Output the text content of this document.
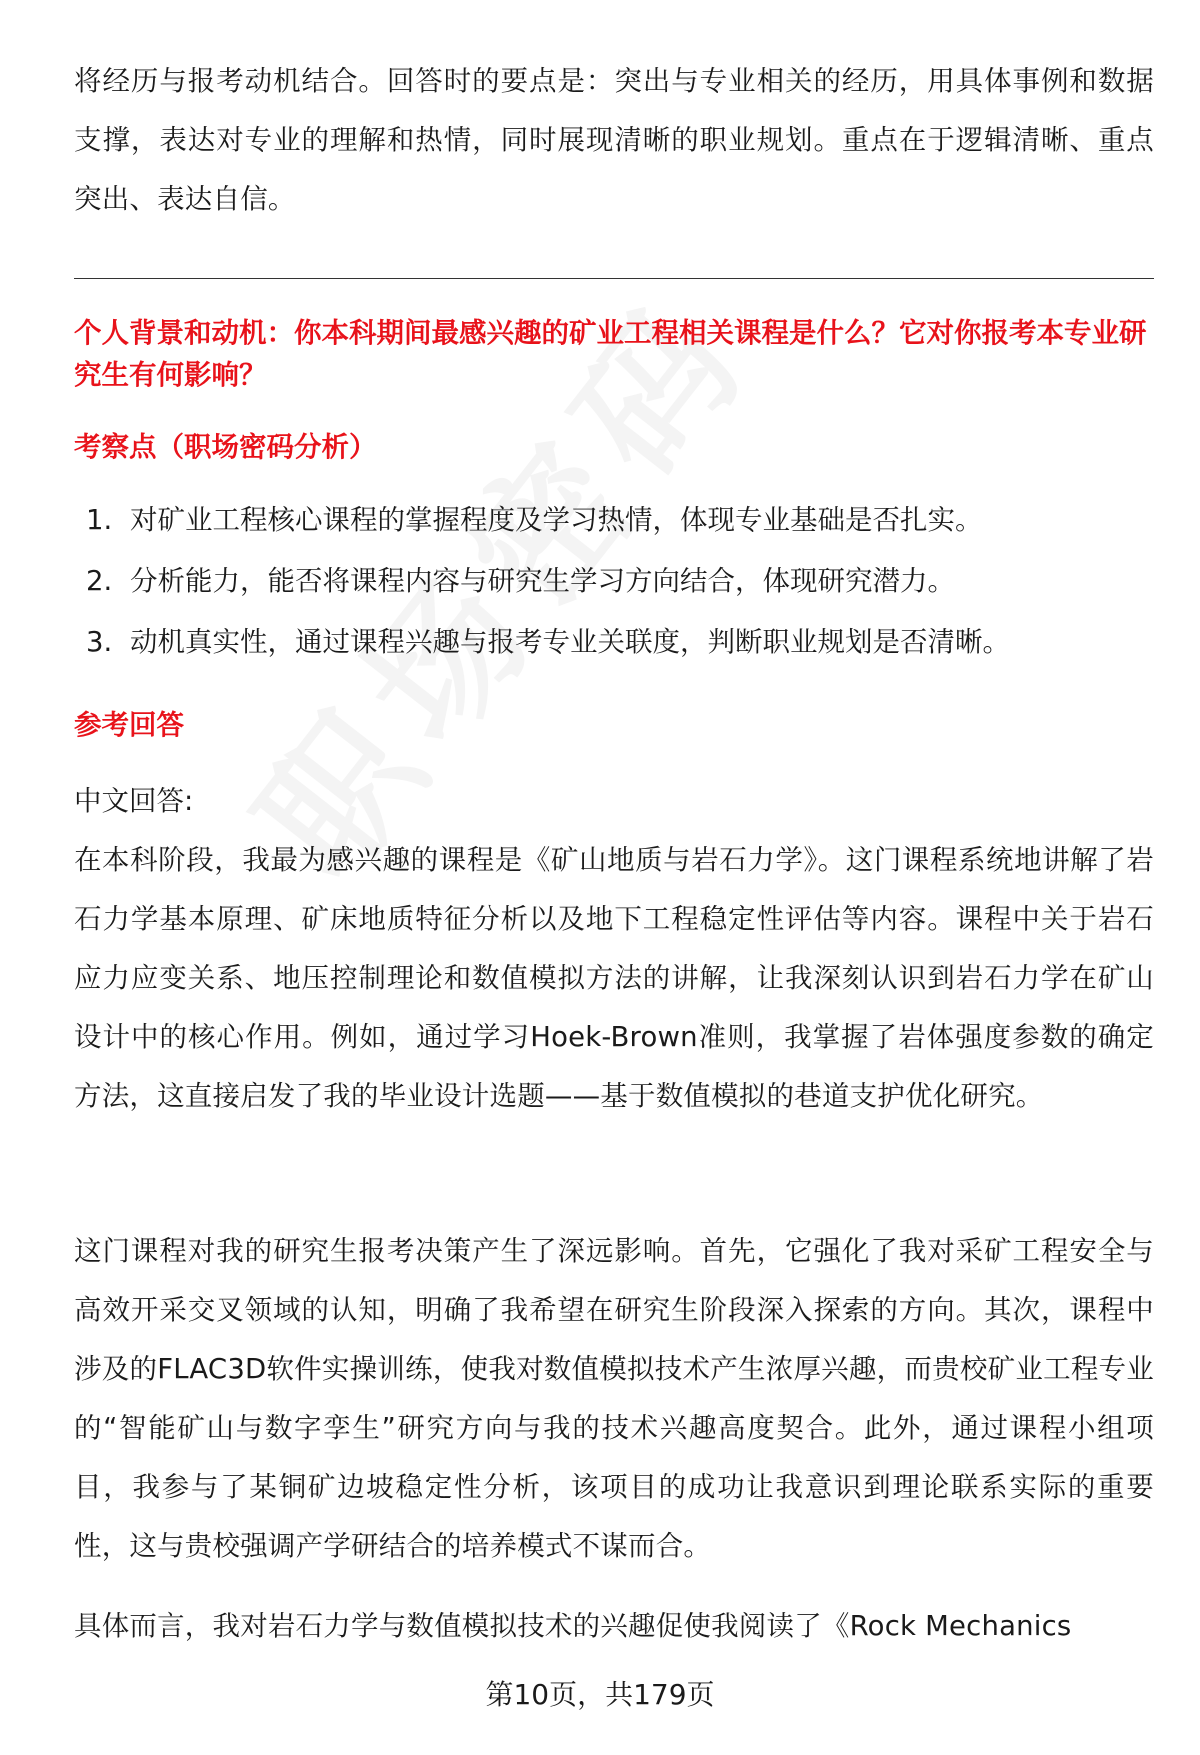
将经历与报考动机结合。回答时的要点是：突出与专业相关的经历，用具体事例和数据支撑，表达对专业的理解和热情，同时展现清晰的职业规划。重点在于逻辑清晰、重点突出、表达自信。

个人背景和动机：你本科期间最感兴趣的矿业工程相关课程是什么？它对你报考本专业研究生有何影响？

考察点（职场密码分析）
1. 对矿业工程核心课程的掌握程度及学习热情，体现专业基础是否扎实。
2. 分析能力，能否将课程内容与研究生学习方向结合，体现研究潜力。
3. 动机真实性，通过课程兴趣与报考专业关联度，判断职业规划是否清晰。
参考回答

中文回答:

在本科阶段，我最为感兴趣的课程是《矿山地质与岩石力学》。这门课程系统地讲解了岩石力学基本原理、矿床地质特征分析以及地下工程稳定性评估等内容。课程中关于岩石应力应变关系、地压控制理论和数值模拟方法的讲解，让我深刻认识到岩石力学在矿山设计中的核心作用。例如，通过学习Hoek-Brown准则，我掌握了岩体强度参数的确定方法，这直接启发了我的毕业设计选题——基于数值模拟的巷道支护优化研究。

这门课程对我的研究生报考决策产生了深远影响。首先，它强化了我对采矿工程安全与高效开采交叉领域的认知，明确了我希望在研究生阶段深入探索的方向。其次，课程中涉及的FLAC3D软件实操训练，使我对数值模拟技术产生浓厚兴趣，而贵校矿业工程专业的“智能矿山与数字孪生”研究方向与我的技术兴趣高度契合。此外，通过课程小组项目，我参与了某铜矿边坡稳定性分析，该项目的成功让我意识到理论联系实际的重要性，这与贵校强调产学研结合的培养模式不谋而合。

具体而言，我对岩石力学与数值模拟技术的兴趣促使我阅读了《Rock Mechanics

第10页，共179页
